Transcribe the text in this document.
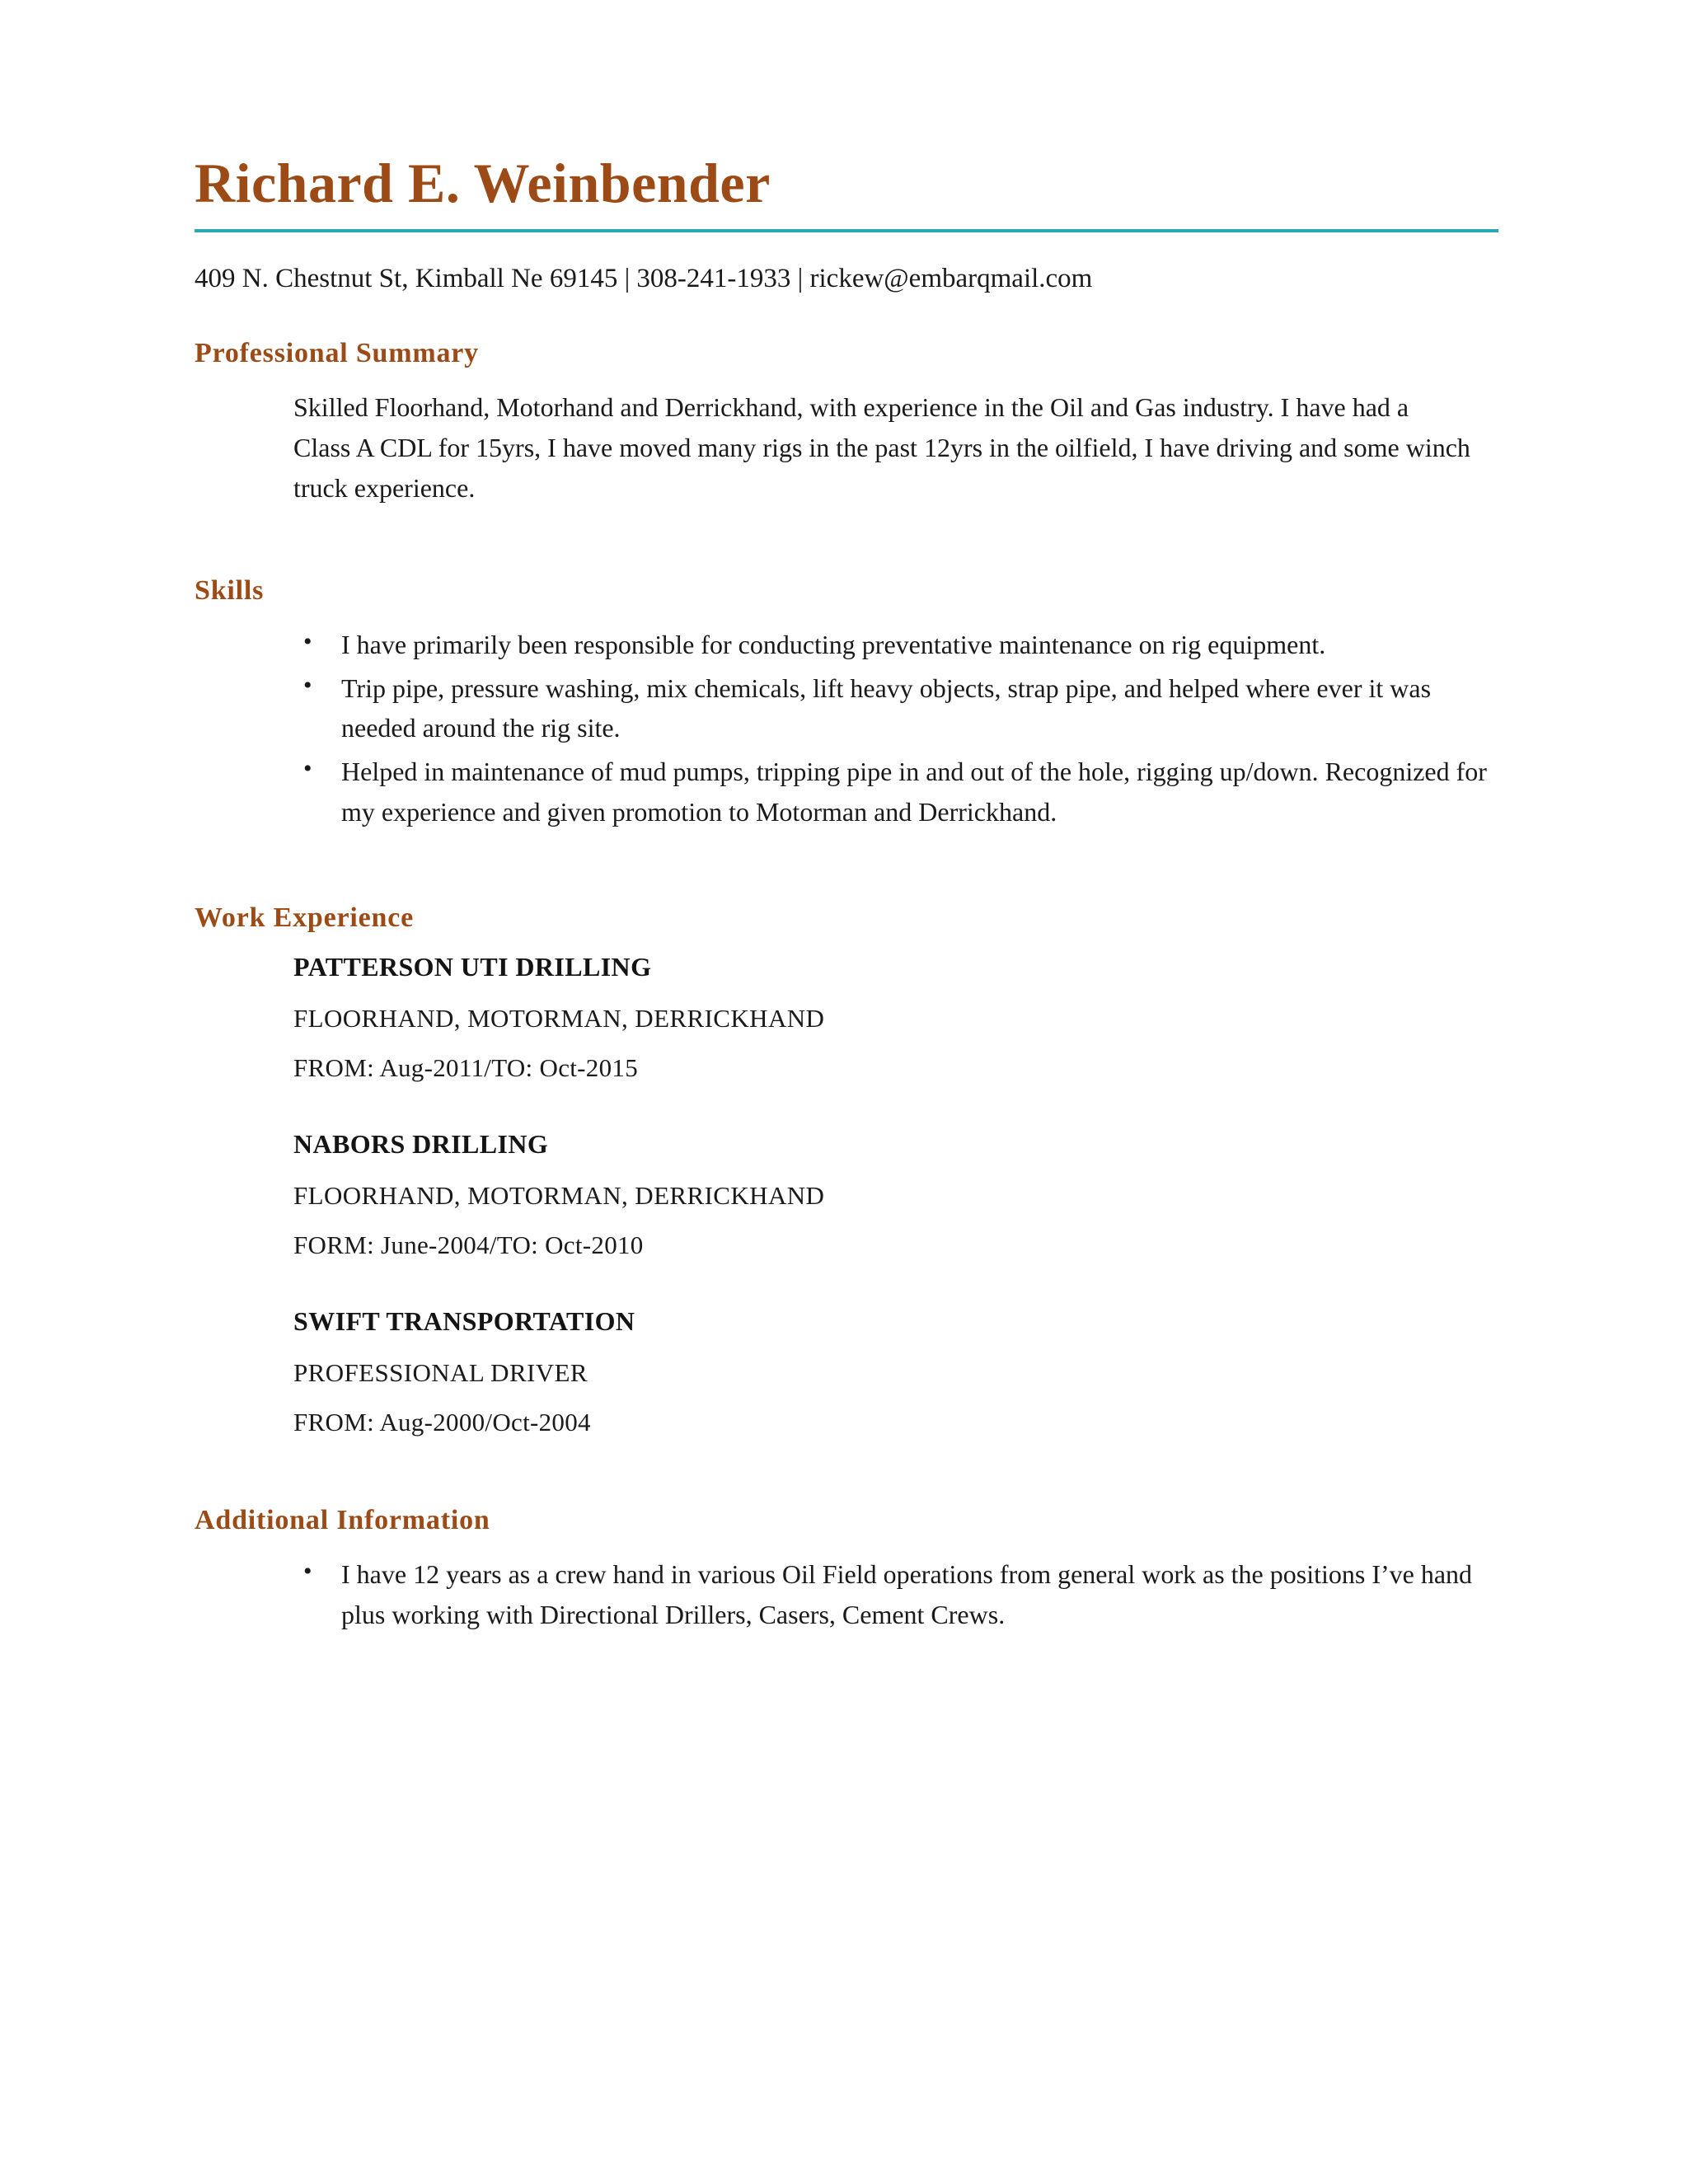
Richard E. Weinbender
409 N. Chestnut St, Kimball Ne 69145 | 308-241-1933 | rickew@embarqmail.com
Professional Summary
Skilled Floorhand, Motorhand and Derrickhand, with experience in the Oil and Gas industry. I have had a Class A CDL for 15yrs, I have moved many rigs in the past 12yrs in the oilfield, I have driving and some winch truck experience.
Skills
• I have primarily been responsible for conducting preventative maintenance on rig equipment.
• Trip pipe, pressure washing, mix chemicals, lift heavy objects, strap pipe, and helped where ever it was needed around the rig site.
• Helped in maintenance of mud pumps, tripping pipe in and out of the hole, rigging up/down. Recognized for my experience and given promotion to Motorman and Derrickhand.
Work Experience
PATTERSON UTI DRILLING
FLOORHAND, MOTORMAN, DERRICKHAND
FROM: Aug-2011/TO: Oct-2015
NABORS DRILLING
FLOORHAND, MOTORMAN, DERRICKHAND
FORM: June-2004/TO: Oct-2010
SWIFT TRANSPORTATION
PROFESSIONAL DRIVER
FROM: Aug-2000/Oct-2004
Additional Information
• I have 12 years as a crew hand in various Oil Field operations from general work as the positions I’ve hand plus working with Directional Drillers, Casers, Cement Crews.
